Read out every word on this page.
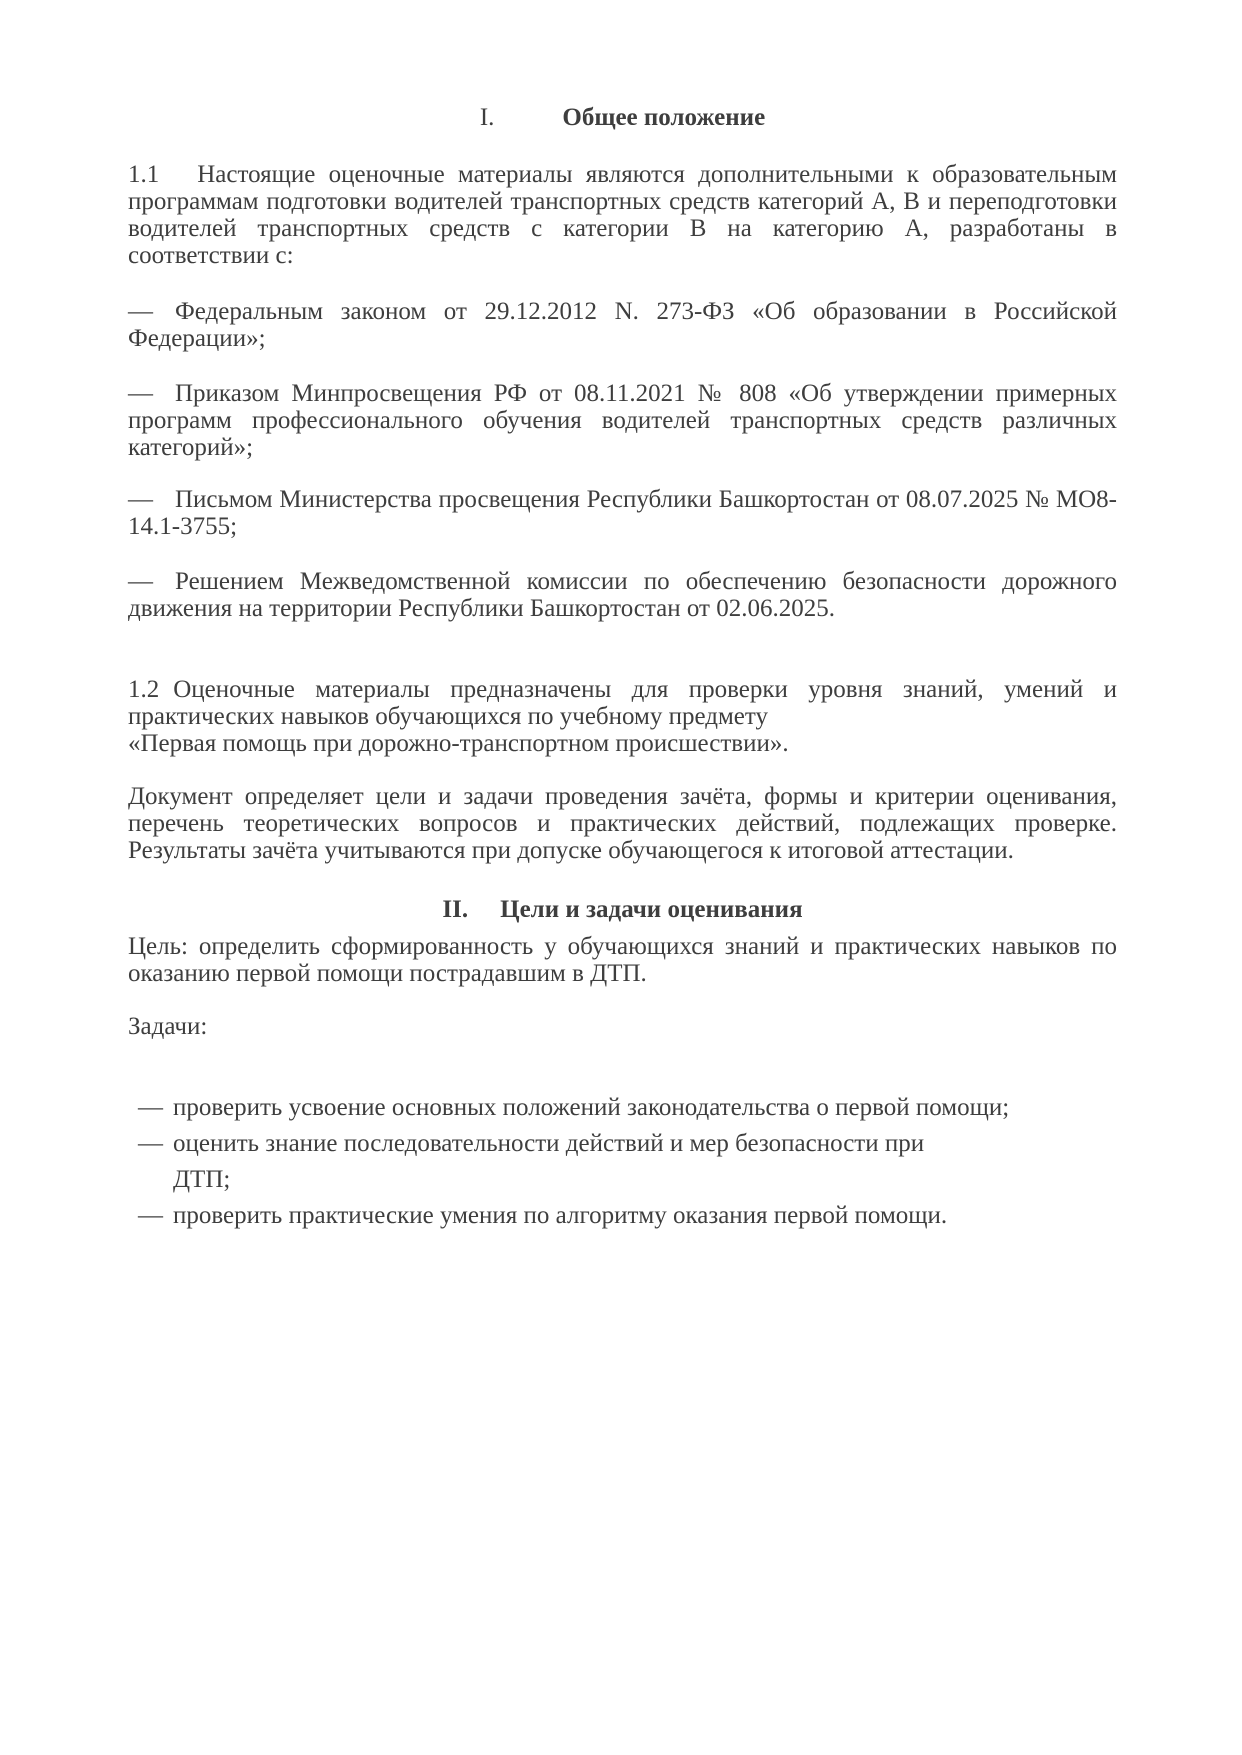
I.	Общее положение
1.1 Настоящие оценочные материалы являются дополнительными к образовательным программам подготовки водителей транспортных средств категорий А, В и переподготовки водителей транспортных средств с категории В на категорию А, разработаны в соответствии с:
— Федеральным законом от 29.12.2012 N. 273-ФЗ «Об образовании в Российской Федерации»;
— Приказом Минпросвещения РФ от 08.11.2021 № 808 «Об утверждении примерных программ профессионального обучения водителей транспортных средств различных категорий»;
— Письмом Министерства просвещения Республики Башкортостан от 08.07.2025 № МО8-14.1-3755;
— Решением Межведомственной комиссии по обеспечению безопасности дорожного движения на территории Республики Башкортостан от 02.06.2025.
1.2 Оценочные материалы предназначены для проверки уровня знаний, умений и практических навыков обучающихся по учебному предмету
«Первая помощь при дорожно-транспортном происшествии».
Документ определяет цели и задачи проведения зачёта, формы и критерии оценивания, перечень теоретических вопросов и практических действий, подлежащих проверке. Результаты зачёта учитываются при допуске обучающегося к итоговой аттестации.
II. Цели и задачи оценивания
Цель: определить сформированность у обучающихся знаний и практических навыков по оказанию первой помощи пострадавшим в ДТП.
Задачи:
— проверить усвоение основных положений законодательства о первой помощи;
— оценить знание последовательности действий и мер безопасности при
ДТП;
— проверить практические умения по алгоритму оказания первой помощи.
